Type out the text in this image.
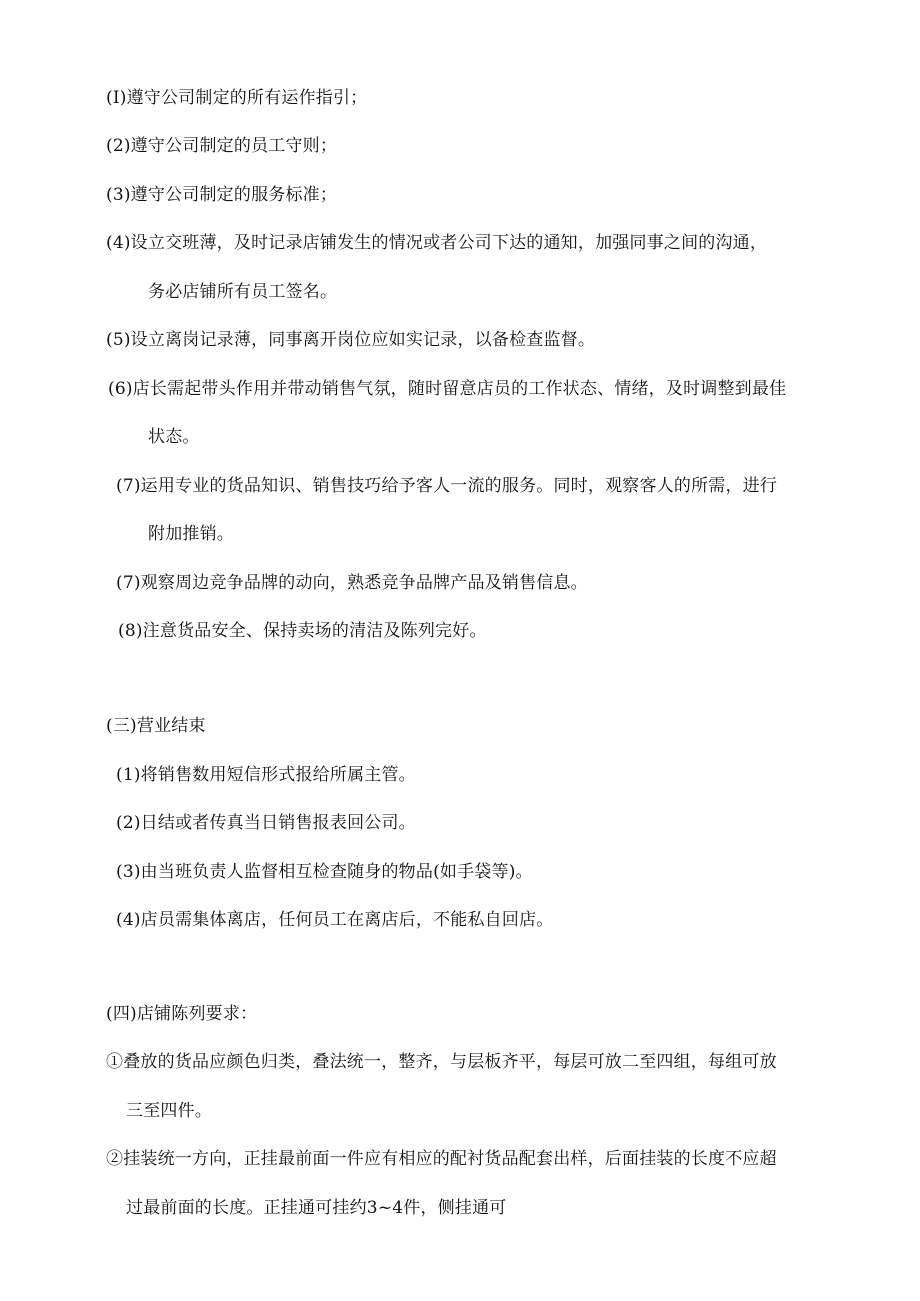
(I)遵守公司制定的所有运作指引；
(2)遵守公司制定的员工守则；
(3)遵守公司制定的服务标准；
(4)设立交班薄，及时记录店铺发生的情况或者公司下达的通知，加强同事之间的沟通，
务必店铺所有员工签名。
(5)设立离岗记录薄，同事离开岗位应如实记录，以备检查监督。
(6)店长需起带头作用并带动销售气氛，随时留意店员的工作状态、情绪，及时调整到最佳
状态。
(7)运用专业的货品知识、销售技巧给予客人一流的服务。同时，观察客人的所需，进行
附加推销。
(7)观察周边竞争品牌的动向，熟悉竞争品牌产品及销售信息。
(8)注意货品安全、保持卖场的清洁及陈列完好。
(三)营业结束
(1)将销售数用短信形式报给所属主管。
(2)日结或者传真当日销售报表回公司。
(3)由当班负责人监督相互检查随身的物品(如手袋等)。
(4)店员需集体离店，任何员工在离店后，不能私自回店。
(四)店铺陈列要求：
①叠放的货品应颜色归类，叠法统一，整齐，与层板齐平，每层可放二至四组，每组可放
三至四件。
②挂装统一方向，正挂最前面一件应有相应的配衬货品配套出样，后面挂装的长度不应超
过最前面的长度。正挂通可挂约3~4件，侧挂通可
